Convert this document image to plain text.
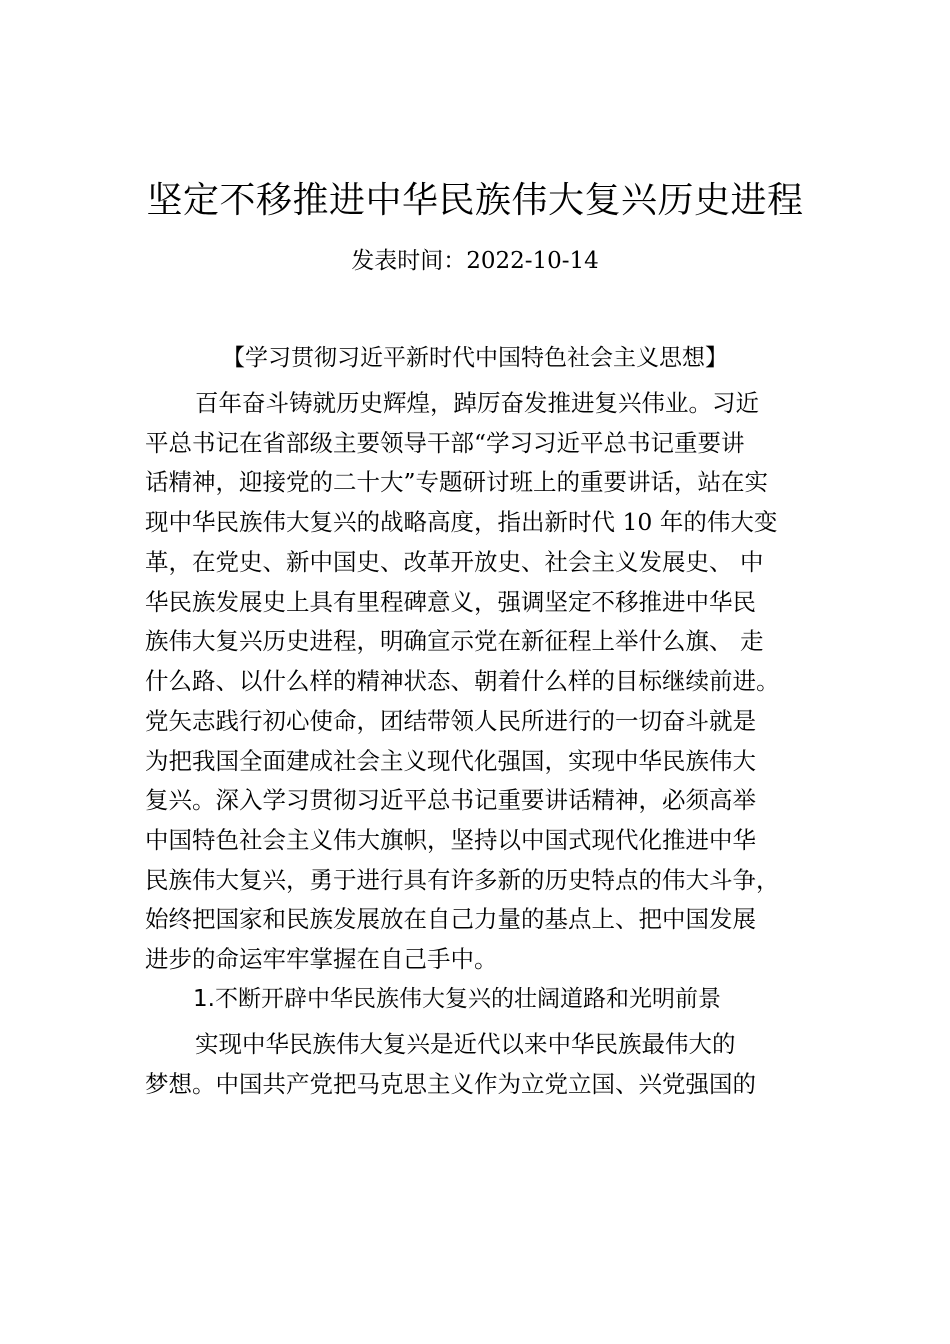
坚定不移推进中华民族伟大复兴历史进程
发表时间：2022-10-14
【学习贯彻习近平新时代中国特色社会主义思想】
百年奋斗铸就历史辉煌，踔厉奋发推进复兴伟业。习近
平总书记在省部级主要领导干部“学习习近平总书记重要讲
话精神，迎接党的二十大”专题研讨班上的重要讲话，站在实
现中华民族伟大复兴的战略高度，指出新时代 10 年的伟大变
革，在党史、新中国史、改革开放史、社会主义发展史、 中
华民族发展史上具有里程碑意义，强调坚定不移推进中华民
族伟大复兴历史进程，明确宣示党在新征程上举什么旗、 走
什么路、以什么样的精神状态、朝着什么样的目标继续前进。
党矢志践行初心使命，团结带领人民所进行的一切奋斗就是
为把我国全面建成社会主义现代化强国，实现中华民族伟大
复兴。深入学习贯彻习近平总书记重要讲话精神，必须高举
中国特色社会主义伟大旗帜，坚持以中国式现代化推进中华
民族伟大复兴，勇于进行具有许多新的历史特点的伟大斗争，
始终把国家和民族发展放在自己力量的基点上、把中国发展
进步的命运牢牢掌握在自己手中。
1.不断开辟中华民族伟大复兴的壮阔道路和光明前景
实现中华民族伟大复兴是近代以来中华民族最伟大的
梦想。中国共产党把马克思主义作为立党立国、兴党强国的
